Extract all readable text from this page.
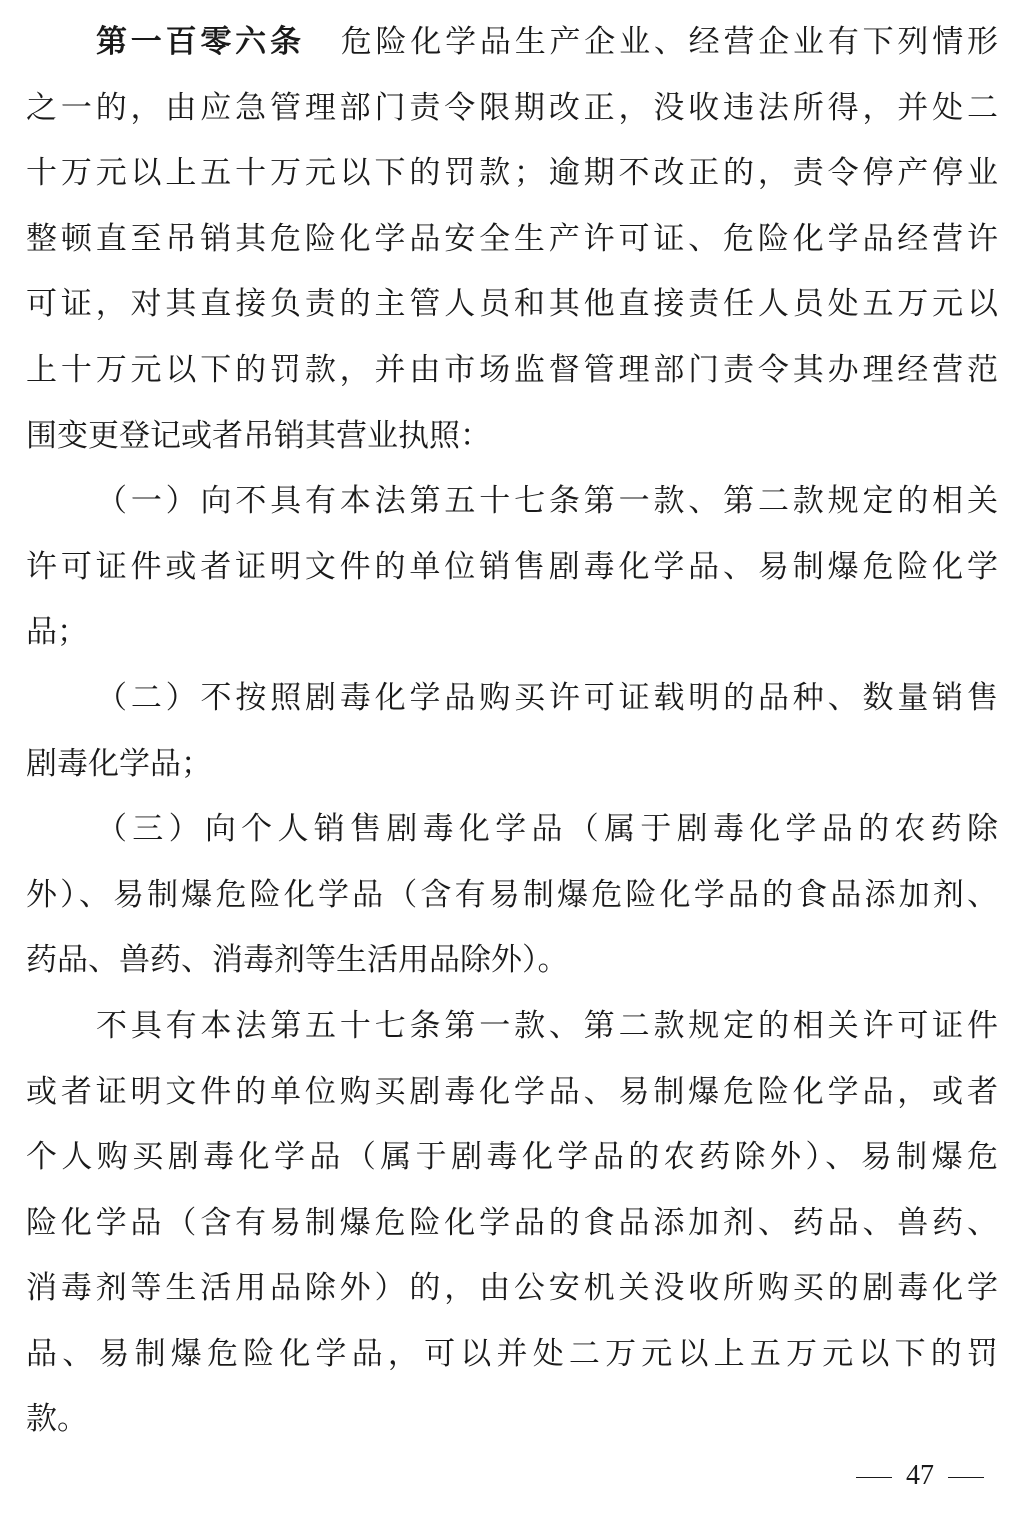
第一百零六条 危险化学品生产企业、经营企业有下列情形
之一的，由应急管理部门责令限期改正，没收违法所得，并处二
十万元以上五十万元以下的罚款；逾期不改正的，责令停产停业
整顿直至吊销其危险化学品安全生产许可证、危险化学品经营许
可证，对其直接负责的主管人员和其他直接责任人员处五万元以
上十万元以下的罚款，并由市场监督管理部门责令其办理经营范
围变更登记或者吊销其营业执照：
（一）向不具有本法第五十七条第一款、第二款规定的相关
许可证件或者证明文件的单位销售剧毒化学品、易制爆危险化学
品；
（二）不按照剧毒化学品购买许可证载明的品种、数量销售
剧毒化学品；
（三）向个人销售剧毒化学品（属于剧毒化学品的农药除
外）、易制爆危险化学品（含有易制爆危险化学品的食品添加剂、
药品、兽药、消毒剂等生活用品除外）。
不具有本法第五十七条第一款、第二款规定的相关许可证件
或者证明文件的单位购买剧毒化学品、易制爆危险化学品，或者
个人购买剧毒化学品（属于剧毒化学品的农药除外）、易制爆危
险化学品（含有易制爆危险化学品的食品添加剂、药品、兽药、
消毒剂等生活用品除外）的，由公安机关没收所购买的剧毒化学
品、易制爆危险化学品，可以并处二万元以上五万元以下的罚
款。
47
